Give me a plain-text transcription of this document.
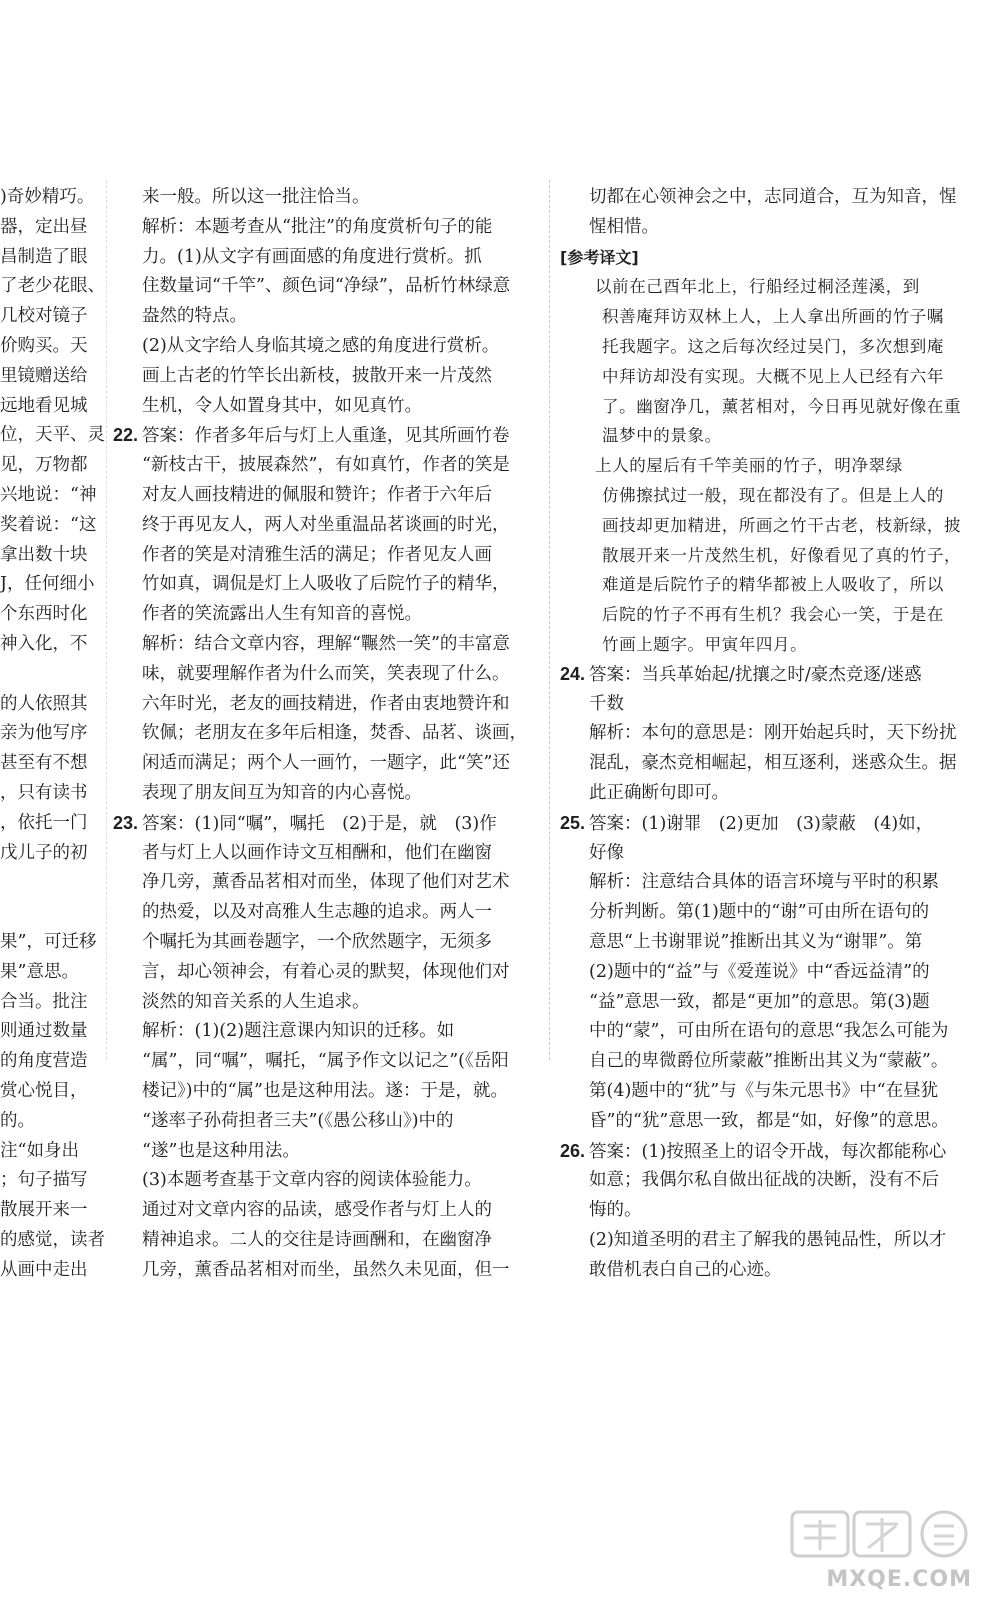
)奇妙精巧。
器，定出昼
昌制造了眼
了老少花眼、
几校对镜子
价购买。天
里镜赠送给
远地看见城
位，天平、灵
见，万物都
兴地说：“神
奖着说：“这
拿出数十块
J，任何细小
个东西时化
神入化，不
的人依照其
亲为他写序
甚至有不想
，只有读书
，依托一门
戊儿子的初
果”，可迁移
果”意思。
合当。批注
则通过数量
的角度营造
赏心悦目，
的。
注“如身出
；句子描写
散展开来一
的感觉，读者
从画中走出
来一般。所以这一批注恰当。
解析：本题考查从“批注”的角度赏析句子的能
力。(1)从文字有画面感的角度进行赏析。抓
住数量词“千竿”、颜色词“净绿”，品析竹林绿意
盎然的特点。
(2)从文字给人身临其境之感的角度进行赏析。
画上古老的竹竿长出新枝，披散开来一片茂然
生机，令人如置身其中，如见真竹。
22. 答案：作者多年后与灯上人重逢，见其所画竹卷
“新枝古干，披展森然”，有如真竹，作者的笑是
对友人画技精进的佩服和赞许；作者于六年后
终于再见友人，两人对坐重温品茗谈画的时光，
作者的笑是对清雅生活的满足；作者见友人画
竹如真，调侃是灯上人吸收了后院竹子的精华，
作者的笑流露出人生有知音的喜悦。
解析：结合文章内容，理解“囅然一笑”的丰富意
味，就要理解作者为什么而笑，笑表现了什么。
六年时光，老友的画技精进，作者由衷地赞许和
钦佩；老朋友在多年后相逢，焚香、品茗、谈画，
闲适而满足；两个人一画竹，一题字，此“笑”还
表现了朋友间互为知音的内心喜悦。
23. 答案：(1)同“嘱”，嘱托　(2)于是，就　(3)作
者与灯上人以画作诗文互相酬和，他们在幽窗
净几旁，薰香品茗相对而坐，体现了他们对艺术
的热爱，以及对高雅人生志趣的追求。两人一
个嘱托为其画卷题字，一个欣然题字，无须多
言，却心领神会，有着心灵的默契，体现他们对
淡然的知音关系的人生追求。
解析：(1)(2)题注意课内知识的迁移。如
“属”，同“嘱”，嘱托，“属予作文以记之”(《岳阳
楼记》)中的“属”也是这种用法。遂：于是，就。
“遂率子孙荷担者三夫”(《愚公移山》)中的
“遂”也是这种用法。
(3)本题考查基于文章内容的阅读体验能力。
通过对文章内容的品读，感受作者与灯上人的
精神追求。二人的交往是诗画酬和，在幽窗净
几旁，薰香品茗相对而坐，虽然久未见面，但一
切都在心领神会之中，志同道合，互为知音，惺
惺相惜。
[参考译文]
以前在己酉年北上，行船经过桐泾莲溪，到
积善庵拜访双林上人，上人拿出所画的竹子嘱
托我题字。这之后每次经过吴门，多次想到庵
中拜访却没有实现。大概不见上人已经有六年
了。幽窗净几，薰茗相对，今日再见就好像在重
温梦中的景象。
上人的屋后有千竿美丽的竹子，明净翠绿
仿佛擦拭过一般，现在都没有了。但是上人的
画技却更加精进，所画之竹干古老，枝新绿，披
散展开来一片茂然生机，好像看见了真的竹子，
难道是后院竹子的精华都被上人吸收了，所以
后院的竹子不再有生机？我会心一笑，于是在
竹画上题字。甲寅年四月。
24. 答案：当兵革始起/扰攘之时/豪杰竞逐/迷惑
千数
解析：本句的意思是：刚开始起兵时，天下纷扰
混乱，豪杰竞相崛起，相互逐利，迷惑众生。据
此正确断句即可。
25. 答案：(1)谢罪　(2)更加　(3)蒙蔽　(4)如，
好像
解析：注意结合具体的语言环境与平时的积累
分析判断。第(1)题中的“谢”可由所在语句的
意思“上书谢罪说”推断出其义为“谢罪”。第
(2)题中的“益”与《爱莲说》中“香远益清”的
“益”意思一致，都是“更加”的意思。第(3)题
中的“蒙”，可由所在语句的意思“我怎么可能为
自己的卑微爵位所蒙蔽”推断出其义为“蒙蔽”。
第(4)题中的“犹”与《与朱元思书》中“在昼犹
昏”的“犹”意思一致，都是“如，好像”的意思。
26. 答案：(1)按照圣上的诏令开战，每次都能称心
如意；我偶尔私自做出征战的决断，没有不后
悔的。
(2)知道圣明的君主了解我的愚钝品性，所以才
敢借机表白自己的心迹。
MXQE.COM
